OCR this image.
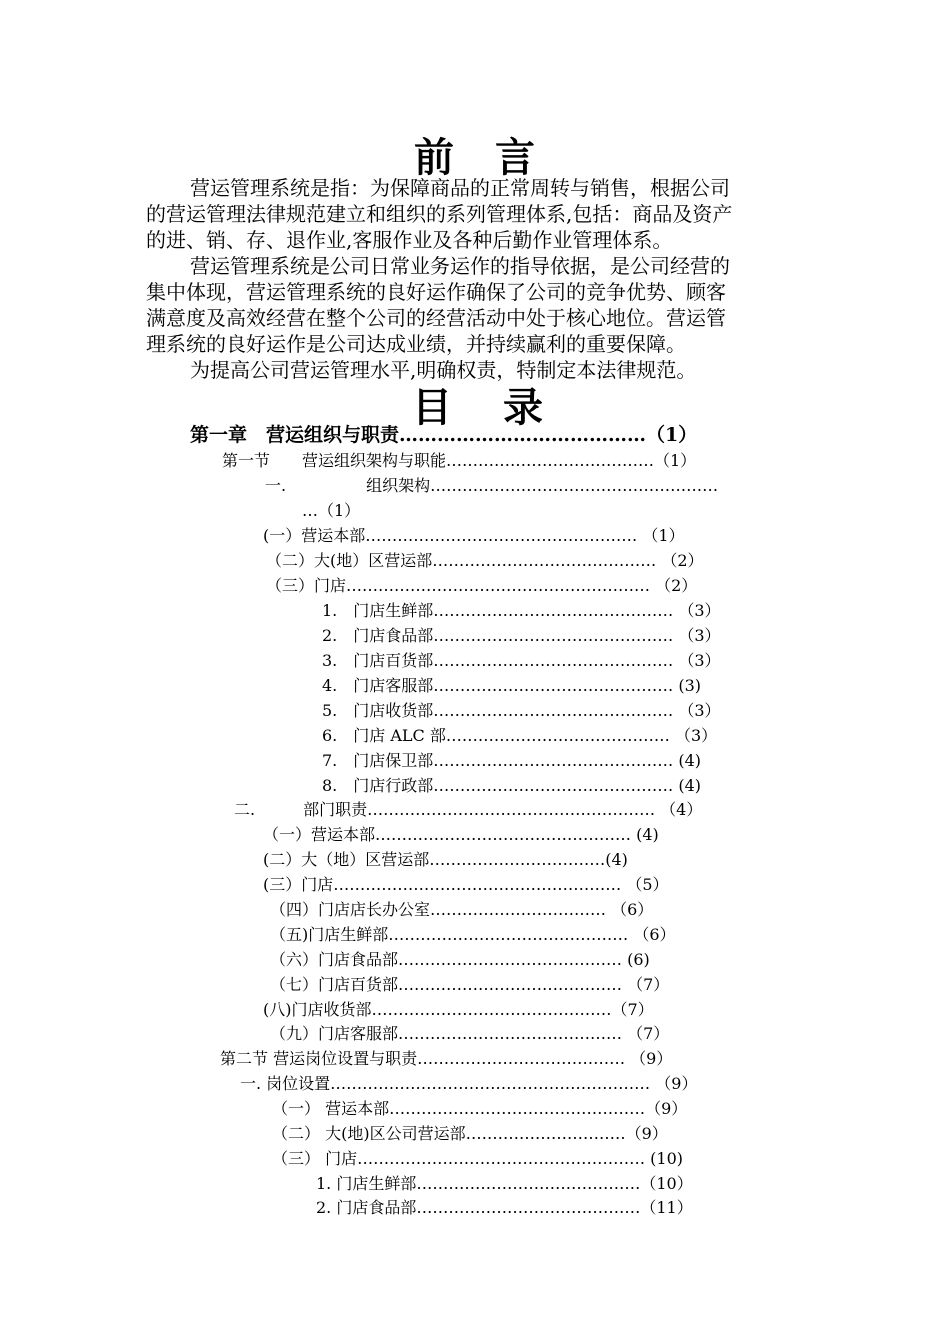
前 言
营运管理系统是指：为保障商品的正常周转与销售，根据公司
的营运管理法律规范建立和组织的系列管理体系,包括：商品及资产
的进、销、存、退作业,客服作业及各种后勤作业管理体系。
营运管理系统是公司日常业务运作的指导依据，是公司经营的
集中体现，营运管理系统的良好运作确保了公司的竞争优势、顾客
满意度及高效经营在整个公司的经营活动中处于核心地位。营运管
理系统的良好运作是公司达成业绩，并持续赢利的重要保障。
为提高公司营运管理水平,明确权责，特制定本法律规范。
目 录
第一章　营运组织与职责…………………………………（1）
第一节　　营运组织架构与职能…………………………………（1）
一.　　　　　组织架构………………………………………………
…（1）
(一）营运本部…………………………………………… （1）
（二）大(地）区营运部…………………………………… （2）
（三）门店………………………………………………… （2）
1.　门店生鲜部……………………………………… （3）
2.　门店食品部……………………………………… （3）
3.　门店百货部……………………………………… （3）
4.　门店客服部……………………………………… (3)
5.　门店收货部……………………………………… （3）
6.　门店 ALC 部…………………………………… （3）
7.　门店保卫部……………………………………… (4)
8.　门店行政部……………………………………… (4)
二.　　　部门职责……………………………………………… （4）
（一）营运本部………………………………………… (4)
(二）大（地）区营运部……………………………(4)
(三）门店……………………………………………… （5）
（四）门店店长办公室…………………………… （6）
（五)门店生鲜部……………………………………… （6）
（六）门店食品部…………………………………… (6)
（七）门店百货部…………………………………… （7）
(八)门店收货部………………………………………（7）
（九）门店客服部…………………………………… （7）
第二节 营运岗位设置与职责………………………………… （9）
一. 岗位设置…………………………………………………… （9）
（一） 营运本部…………………………………………（9）
（二） 大(地)区公司营运部…………………………（9）
（三） 门店……………………………………………… (10)
1. 门店生鲜部……………………………………（10）
2. 门店食品部……………………………………（11）
